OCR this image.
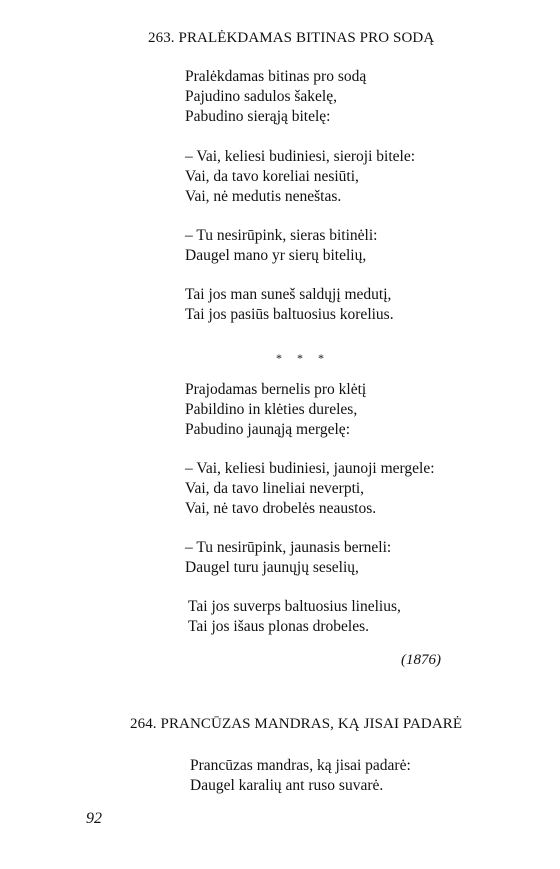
263. PRALĖKDAMAS BITINAS PRO SODĄ

Pralėkdamas bitinas pro sodą

Pajudino sadulos šakelę,

Pabudino sierąją bitelę:

– Vai, keliesi budiniesi, sieroji bitele:

Vai, da tavo koreliai nesiūti,

Vai, nė medutis neneštas.

– Tu nesirūpink, sieras bitinėli:

Daugel mano yr sierų bitelių,

Tai jos man suneš saldųjį medutį,

Tai jos pasiūs baltuosius korelius.

* * *

Prajodamas bernelis pro klėtį

Pabildino in klėties dureles,

Pabudino jaunąją mergelę:

– Vai, keliesi budiniesi, jaunoji mergele:

Vai, da tavo lineliai neverpti,

Vai, nė tavo drobelės neaustos.

– Tu nesirūpink, jaunasis berneli:

Daugel turu jaunųjų seselių,

Tai jos suverps baltuosius linelius,

Tai jos išaus plonas drobeles.

(1876)
264. PRANCŪZAS MANDRAS, KĄ JISAI PADARĖ

Prancūzas mandras, ką jisai padarė:

Daugel karalių ant ruso suvarė.

92
